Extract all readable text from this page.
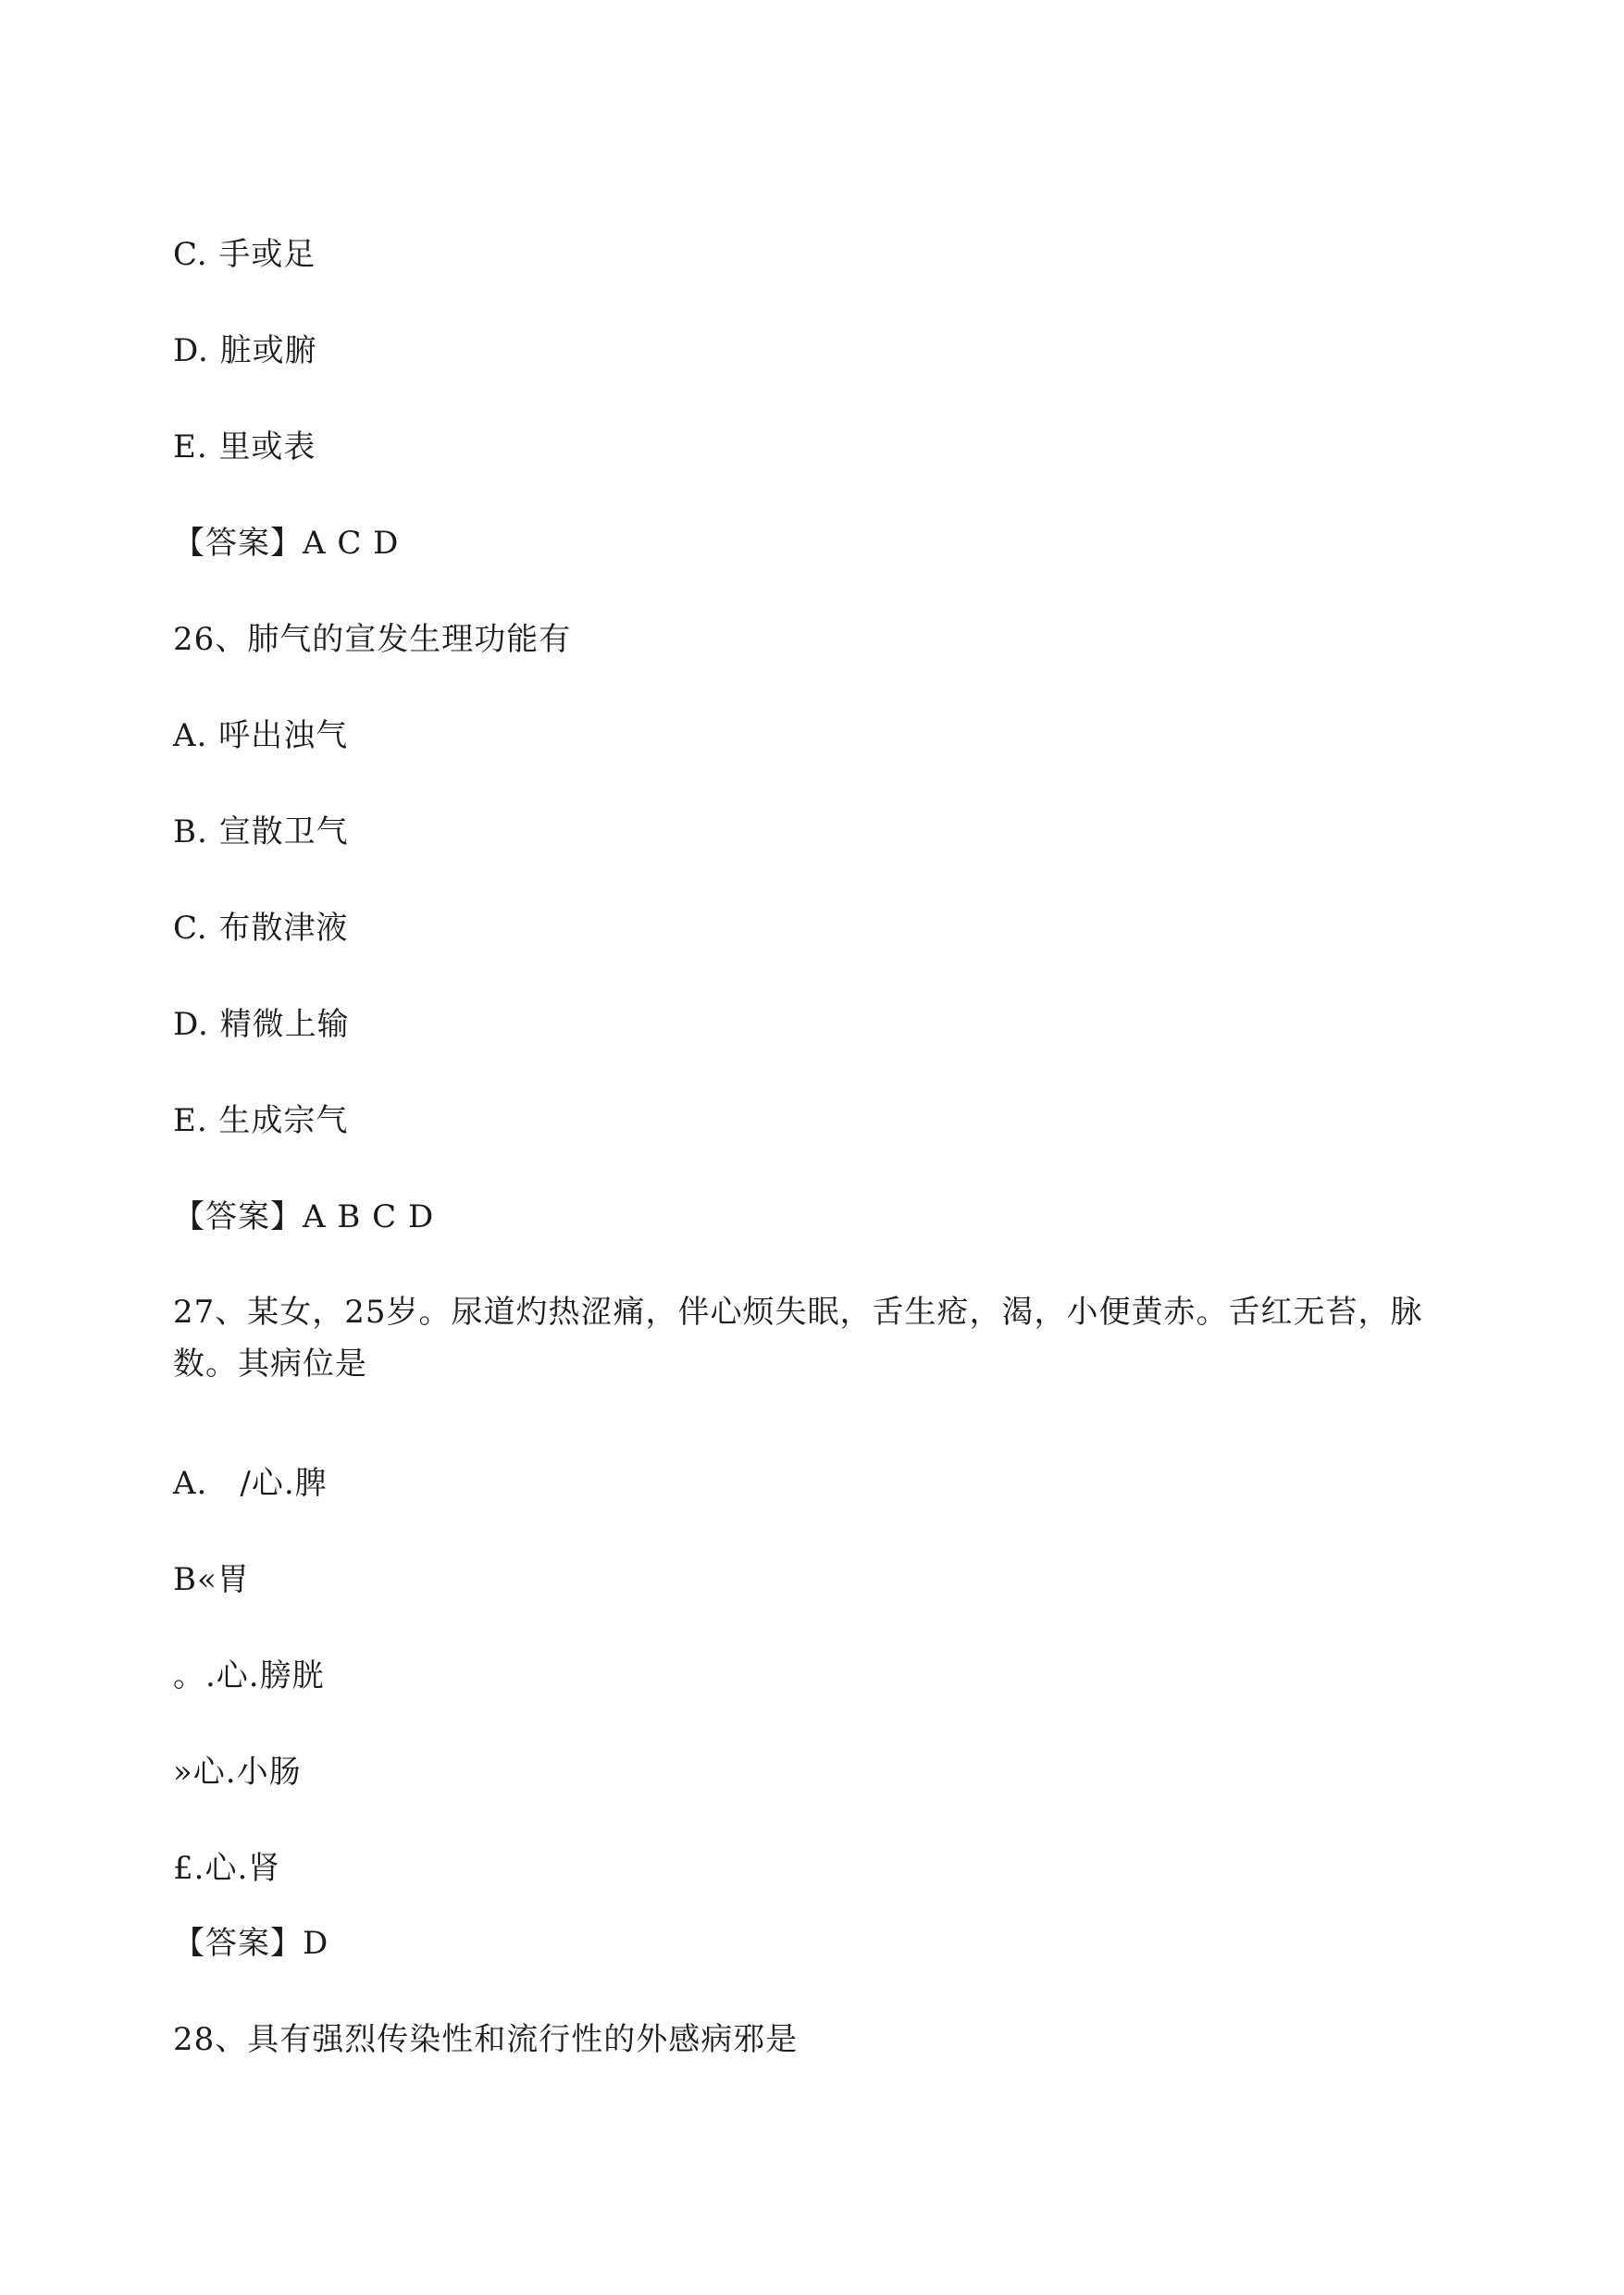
C. 手或足
D. 脏或腑
E. 里或表
【答案】A C D
26、肺气的宣发生理功能有
A. 呼出浊气
B. 宣散卫气
C. 布散津液
D. 精微上输
E. 生成宗气
【答案】A B C D
27、某女，25岁。尿道灼热涩痛，伴心烦失眠，舌生疮，渴，小便黄赤。舌红无苔，脉数。其病位是
A.　/心.脾
B«胃
。.心.膀胱
»心.小肠
£.心.肾
【答案】D
28、具有强烈传染性和流行性的外感病邪是
